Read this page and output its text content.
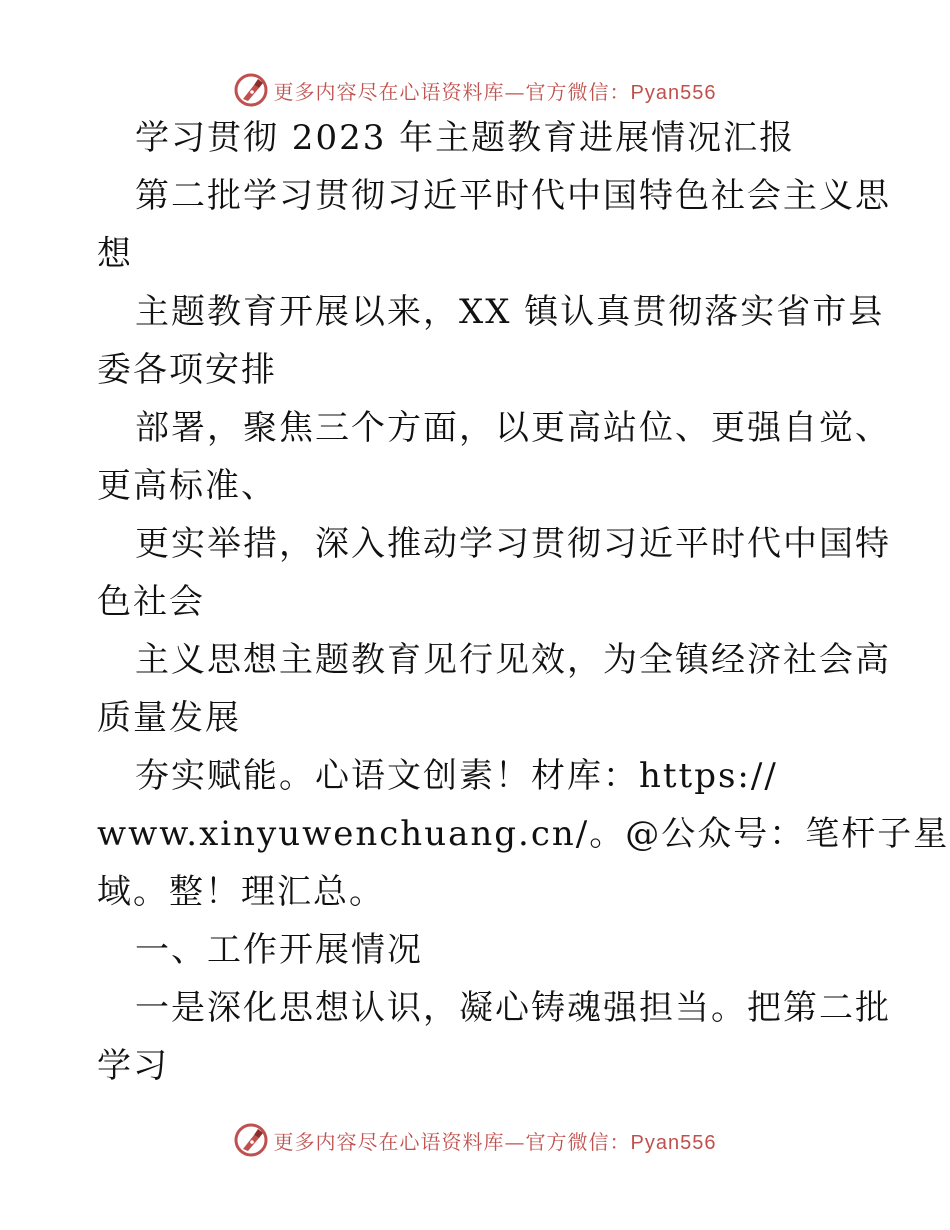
更多内容尽在心语资料库—官方微信：Pyan556
学习贯彻 2023 年主题教育进展情况汇报
第二批学习贯彻习近平时代中国特色社会主义思
想
主题教育开展以来，XX 镇认真贯彻落实省市县
委各项安排
部署，聚焦三个方面，以更高站位、更强自觉、
更高标准、
更实举措，深入推动学习贯彻习近平时代中国特
色社会
主义思想主题教育见行见效，为全镇经济社会高
质量发展
夯实赋能。心语文创素！材库：https://
www.xinyuwenchuang.cn/。@公众号：笔杆子星
域。整！理汇总。
一、工作开展情况
一是深化思想认识，凝心铸魂强担当。把第二批
学习
更多内容尽在心语资料库—官方微信：Pyan556
